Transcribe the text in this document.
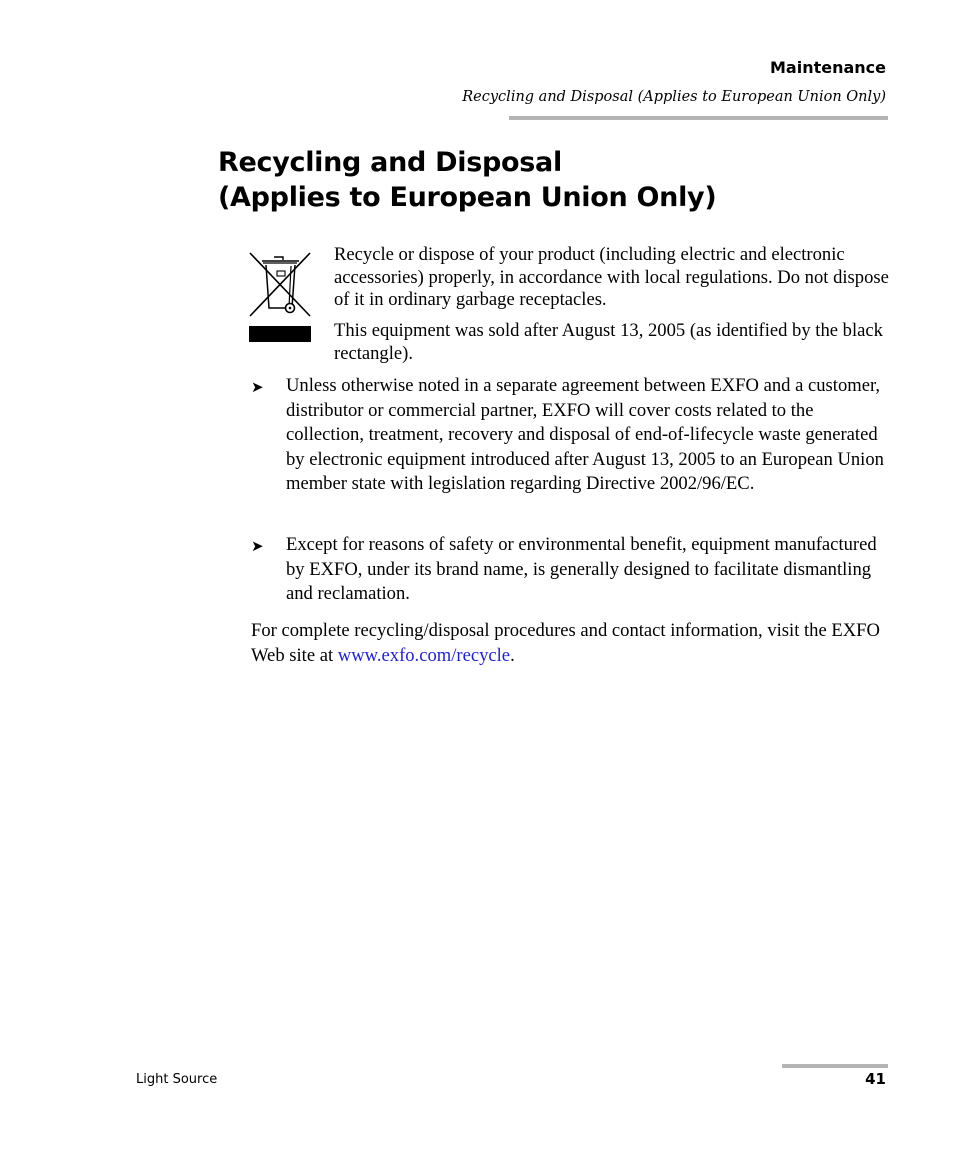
Maintenance
Recycling and Disposal (Applies to European Union Only)
Recycling and Disposal
(Applies to European Union Only)

Recycle or dispose of your product (including electric and electronic accessories) properly, in accordance with local regulations. Do not dispose of it in ordinary garbage receptacles.

This equipment was sold after August 13, 2005 (as identified by the black rectangle).

➤ Unless otherwise noted in a separate agreement between EXFO and a customer, distributor or commercial partner, EXFO will cover costs related to the collection, treatment, recovery and disposal of end-of-lifecycle waste generated by electronic equipment introduced after August 13, 2005 to an European Union member state with legislation regarding Directive 2002/96/EC.

➤ Except for reasons of safety or environmental benefit, equipment manufactured by EXFO, under its brand name, is generally designed to facilitate dismantling and reclamation.

For complete recycling/disposal procedures and contact information, visit the EXFO Web site at www.exfo.com/recycle.

Light Source	41
